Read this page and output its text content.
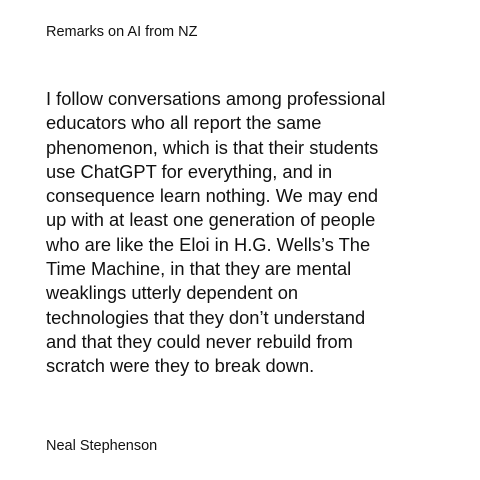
Remarks on AI from NZ
I follow conversations among professional
educators who all report the same
phenomenon, which is that their students
use ChatGPT for everything, and in
consequence learn nothing. We may end
up with at least one generation of people
who are like the Eloi in H.G. Wells’s The
Time Machine, in that they are mental
weaklings utterly dependent on
technologies that they don’t understand
and that they could never rebuild from
scratch were they to break down.
Neal Stephenson
